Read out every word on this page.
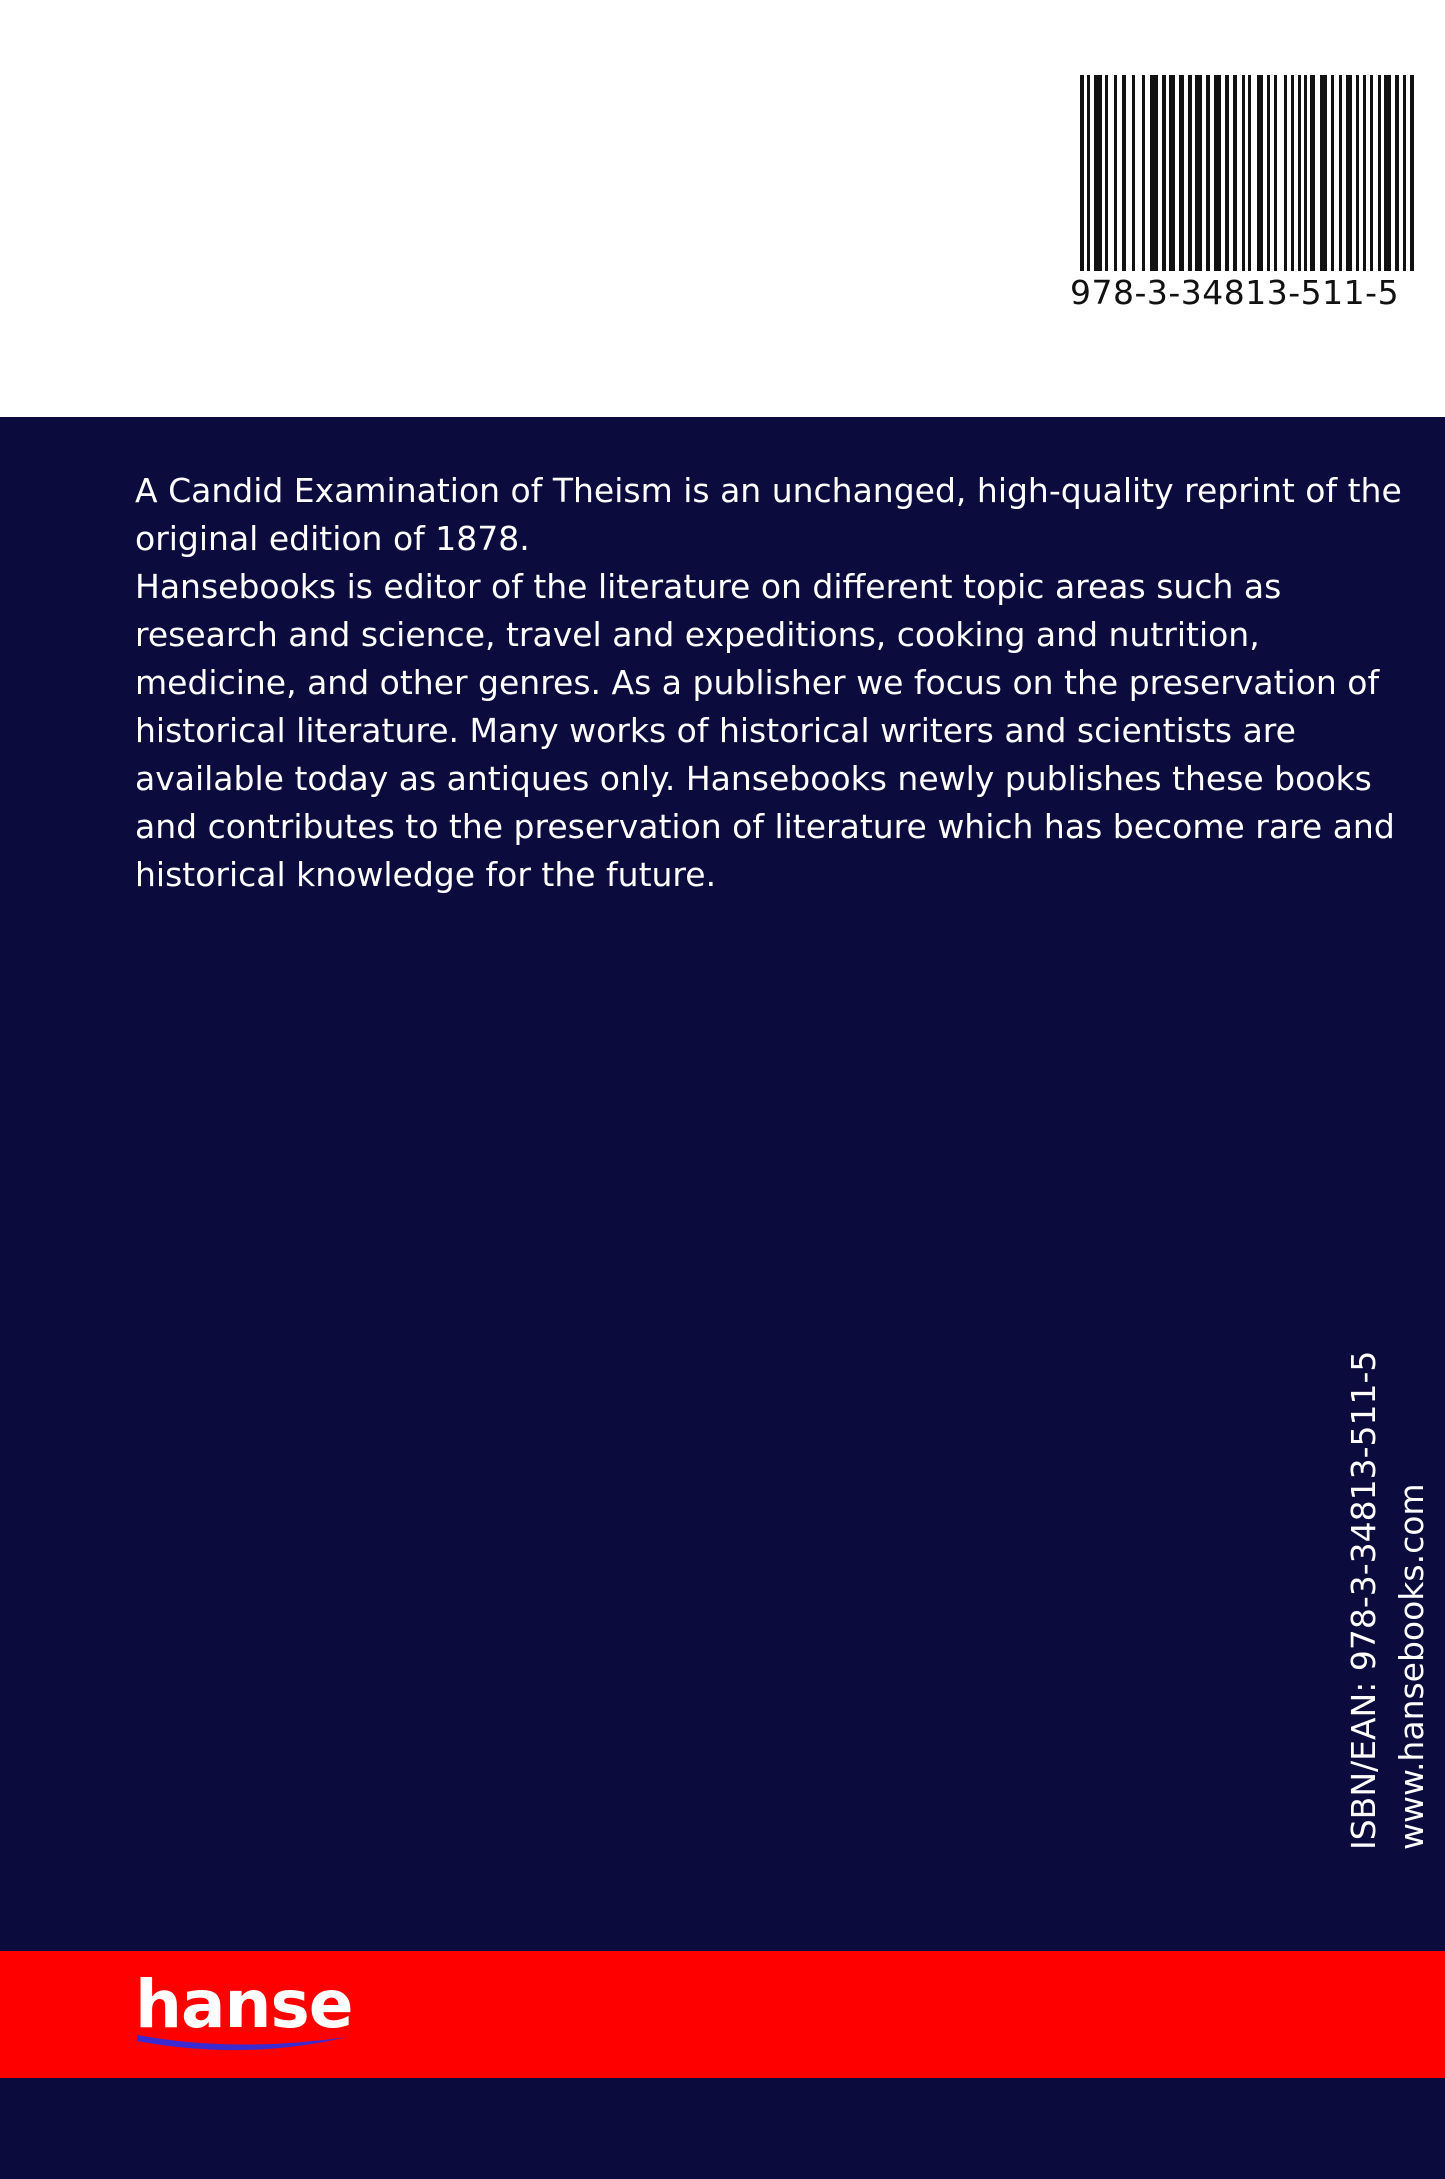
978-3-34813-511-5

A Candid Examination of Theism is an unchanged, high-quality reprint of the original edition of 1878.

Hansebooks is editor of the literature on different topic areas such as research and science, travel and expeditions, cooking and nutrition, medicine, and other genres. As a publisher we focus on the preservation of historical literature. Many works of historical writers and scientists are available today as antiques only. Hansebooks newly publishes these books and contributes to the preservation of literature which has become rare and historical knowledge for the future.

ISBN/EAN: 978-3-34813-511-5 www.hansebooks.com
hanse
